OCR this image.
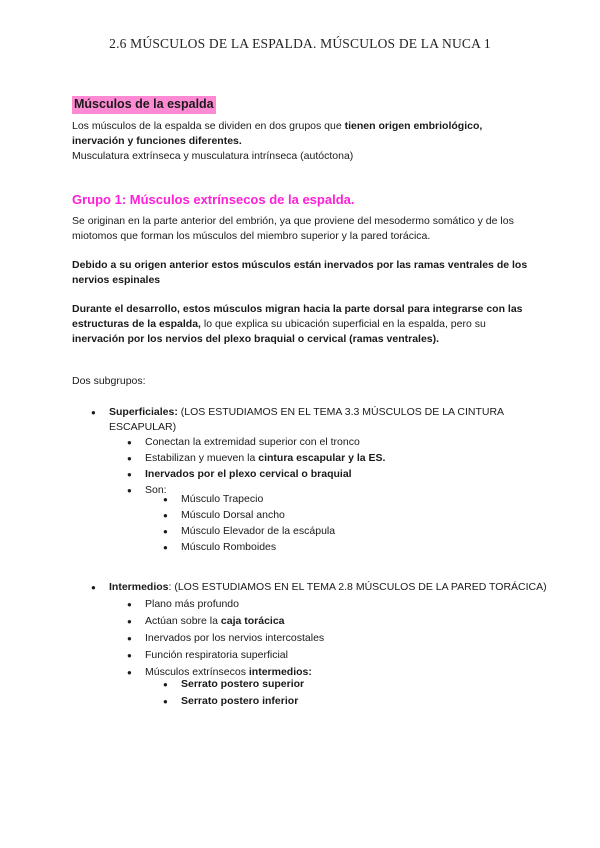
2.6 MÚSCULOS DE LA ESPALDA. MÚSCULOS DE LA NUCA 1
Músculos de la espalda
Los músculos de la espalda se dividen en dos grupos que tienen origen embriológico, inervación y funciones diferentes.
Musculatura extrínseca y musculatura intrínseca (autóctona)
Grupo 1: Músculos extrínsecos de la espalda.
Se originan en la parte anterior del embrión, ya que proviene del mesodermo somático y de los miotomos que forman los músculos del miembro superior y la pared torácica.
Debido a su origen anterior estos músculos están inervados por las ramas ventrales de los nervios espinales
Durante el desarrollo, estos músculos migran hacia la parte dorsal para integrarse con las estructuras de la espalda, lo que explica su ubicación superficial en la espalda, pero su inervación por los nervios del plexo braquial o cervical (ramas ventrales).
Dos subgrupos:
● Superficiales: (LOS ESTUDIAMOS EN EL TEMA 3.3 MÚSCULOS DE LA CINTURA ESCAPULAR)
● Conectan la extremidad superior con el tronco
● Estabilizan y mueven la cintura escapular y la ES.
● Inervados por el plexo cervical o braquial
● Son:
● Músculo Trapecio
● Músculo Dorsal ancho
● Músculo Elevador de la escápula
● Músculo Romboides
● Intermedios: (LOS ESTUDIAMOS EN EL TEMA 2.8 MÚSCULOS DE LA PARED TORÁCICA)
● Plano más profundo
● Actúan sobre la caja torácica
● Inervados por los nervios intercostales
● Función respiratoria superficial
● Músculos extrínsecos intermedios:
● Serrato postero superior
● Serrato postero inferior
